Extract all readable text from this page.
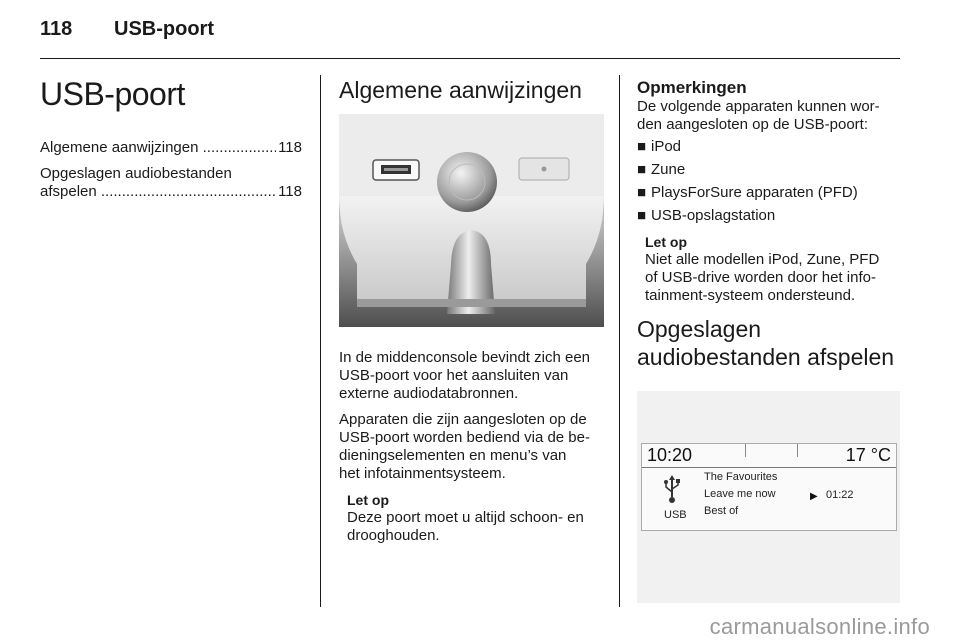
118 USB-poort
USB-poort
Algemene aanwijzingen .....	118
Opgeslagen audiobestanden
afspelen .....	118
Algemene aanwijzingen

In de middenconsole bevindt zich een
USB-poort voor het aansluiten van
externe audiodatabronnen.

Apparaten die zijn aangesloten op de
USB-poort worden bediend via de be-
dieningselementen en menu’s van
het infotainmentsysteem.

Let op

Deze poort moet u altijd schoon- en
drooghouden.

Opmerkingen

De volgende apparaten kunnen wor-
den aangesloten op de USB-poort:

■ iPod
■ Zune
■ PlaysForSure apparaten (PFD)
■ USB-opslagstation
Let op

Niet alle modellen iPod, Zune, PFD
of USB-drive worden door het info-
tainment-systeem ondersteund.

Opgeslagen
audiobestanden afspelen
10:20	17 °C
USB
The Favourites
Leave me now
Best of
▶ 01:22
carmanualsonline.info
